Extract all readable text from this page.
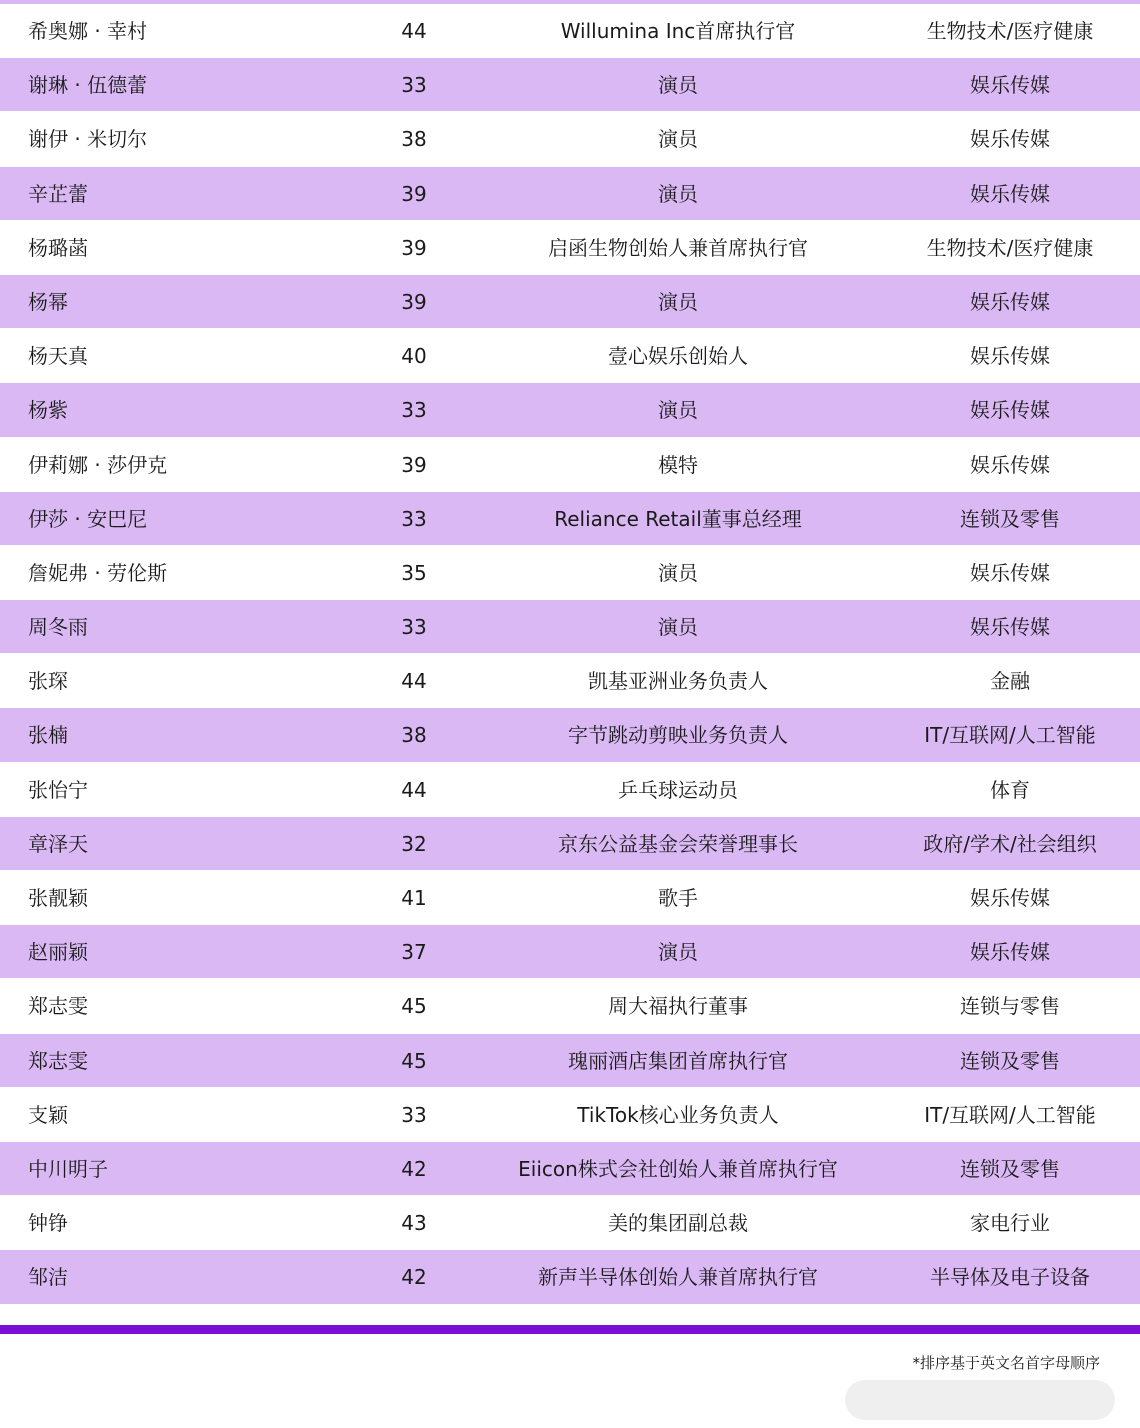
希奥娜 · 幸村	44	Willumina Inc首席执行官	生物技术/医疗健康
谢琳 · 伍德蕾	33	演员	娱乐传媒
谢伊 · 米切尔	38	演员	娱乐传媒
辛芷蕾	39	演员	娱乐传媒
杨璐菡	39	启函生物创始人兼首席执行官	生物技术/医疗健康
杨幂	39	演员	娱乐传媒
杨天真	40	壹心娱乐创始人	娱乐传媒
杨紫	33	演员	娱乐传媒
伊莉娜 · 莎伊克	39	模特	娱乐传媒
伊莎 · 安巴尼	33	Reliance Retail董事总经理	连锁及零售
詹妮弗 · 劳伦斯	35	演员	娱乐传媒
周冬雨	33	演员	娱乐传媒
张琛	44	凯基亚洲业务负责人	金融
张楠	38	字节跳动剪映业务负责人	IT/互联网/人工智能
张怡宁	44	乒乓球运动员	体育
章泽天	32	京东公益基金会荣誉理事长	政府/学术/社会组织
张靓颖	41	歌手	娱乐传媒
赵丽颖	37	演员	娱乐传媒
郑志雯	45	周大福执行董事	连锁与零售
郑志雯	45	瑰丽酒店集团首席执行官	连锁及零售
支颖	33	TikTok核心业务负责人	IT/互联网/人工智能
中川明子	42	Eiicon株式会社创始人兼首席执行官	连锁及零售
钟铮	43	美的集团副总裁	家电行业
邹洁	42	新声半导体创始人兼首席执行官	半导体及电子设备
*排序基于英文名首字母顺序
